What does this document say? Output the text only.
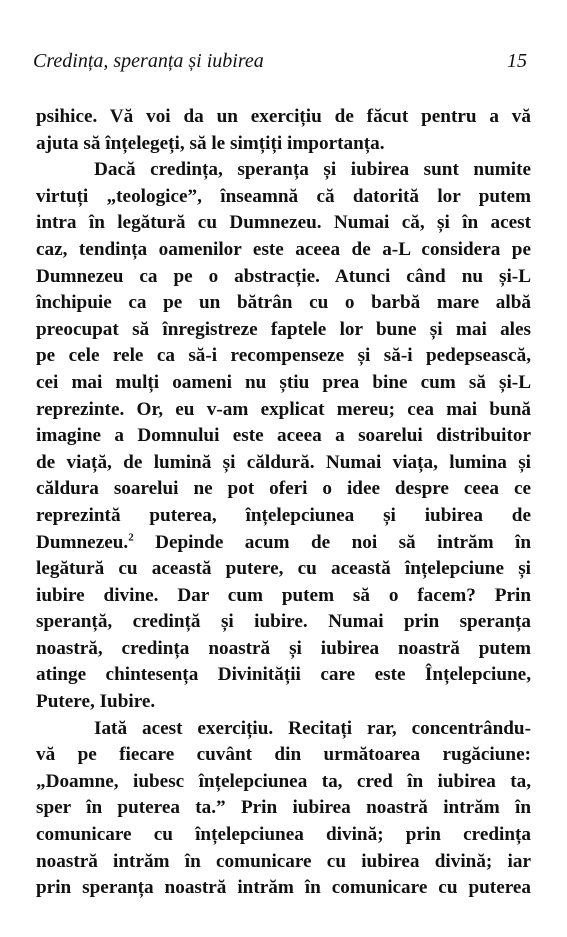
Credința, speranța și iubirea	15
psihice. Vă voi da un exercițiu de făcut pentru a vă
ajuta să înțelegeți, să le simțiți importanța.
Dacă credința, speranța și iubirea sunt numite
virtuți „teologice”, înseamnă că datorită lor putem
intra în legătură cu Dumnezeu. Numai că, și în acest
caz, tendința oamenilor este aceea de a-L considera pe
Dumnezeu ca pe o abstracție. Atunci când nu și-L
închipuie ca pe un bătrân cu o barbă mare albă
preocupat să înregistreze faptele lor bune și mai ales
pe cele rele ca să-i recompenseze și să-i pedepsească,
cei mai mulți oameni nu știu prea bine cum să și-L
reprezinte. Or, eu v-am explicat mereu; cea mai bună
imagine a Domnului este aceea a soarelui distribuitor
de viață, de lumină și căldură. Numai viața, lumina și
căldura soarelui ne pot oferi o idee despre ceea ce
reprezintă puterea, înțelepciunea și iubirea de
Dumnezeu.$^2$ Depinde acum de noi să intrăm în
legătură cu această putere, cu această înțelepciune și
iubire divine. Dar cum putem să o facem? Prin
speranță, credință și iubire. Numai prin speranța
noastră, credința noastră și iubirea noastră putem
atinge chintesența Divinității care este Înțelepciune,
Putere, Iubire.
Iată acest exercițiu. Recitați rar, concentrându-
vă pe fiecare cuvânt din următoarea rugăciune:
„Doamne, iubesc înțelepciunea ta, cred în iubirea ta,
sper în puterea ta.” Prin iubirea noastră intrăm în
comunicare cu înțelepciunea divină; prin credința
noastră intrăm în comunicare cu iubirea divină; iar
prin speranța noastră intrăm în comunicare cu puterea
